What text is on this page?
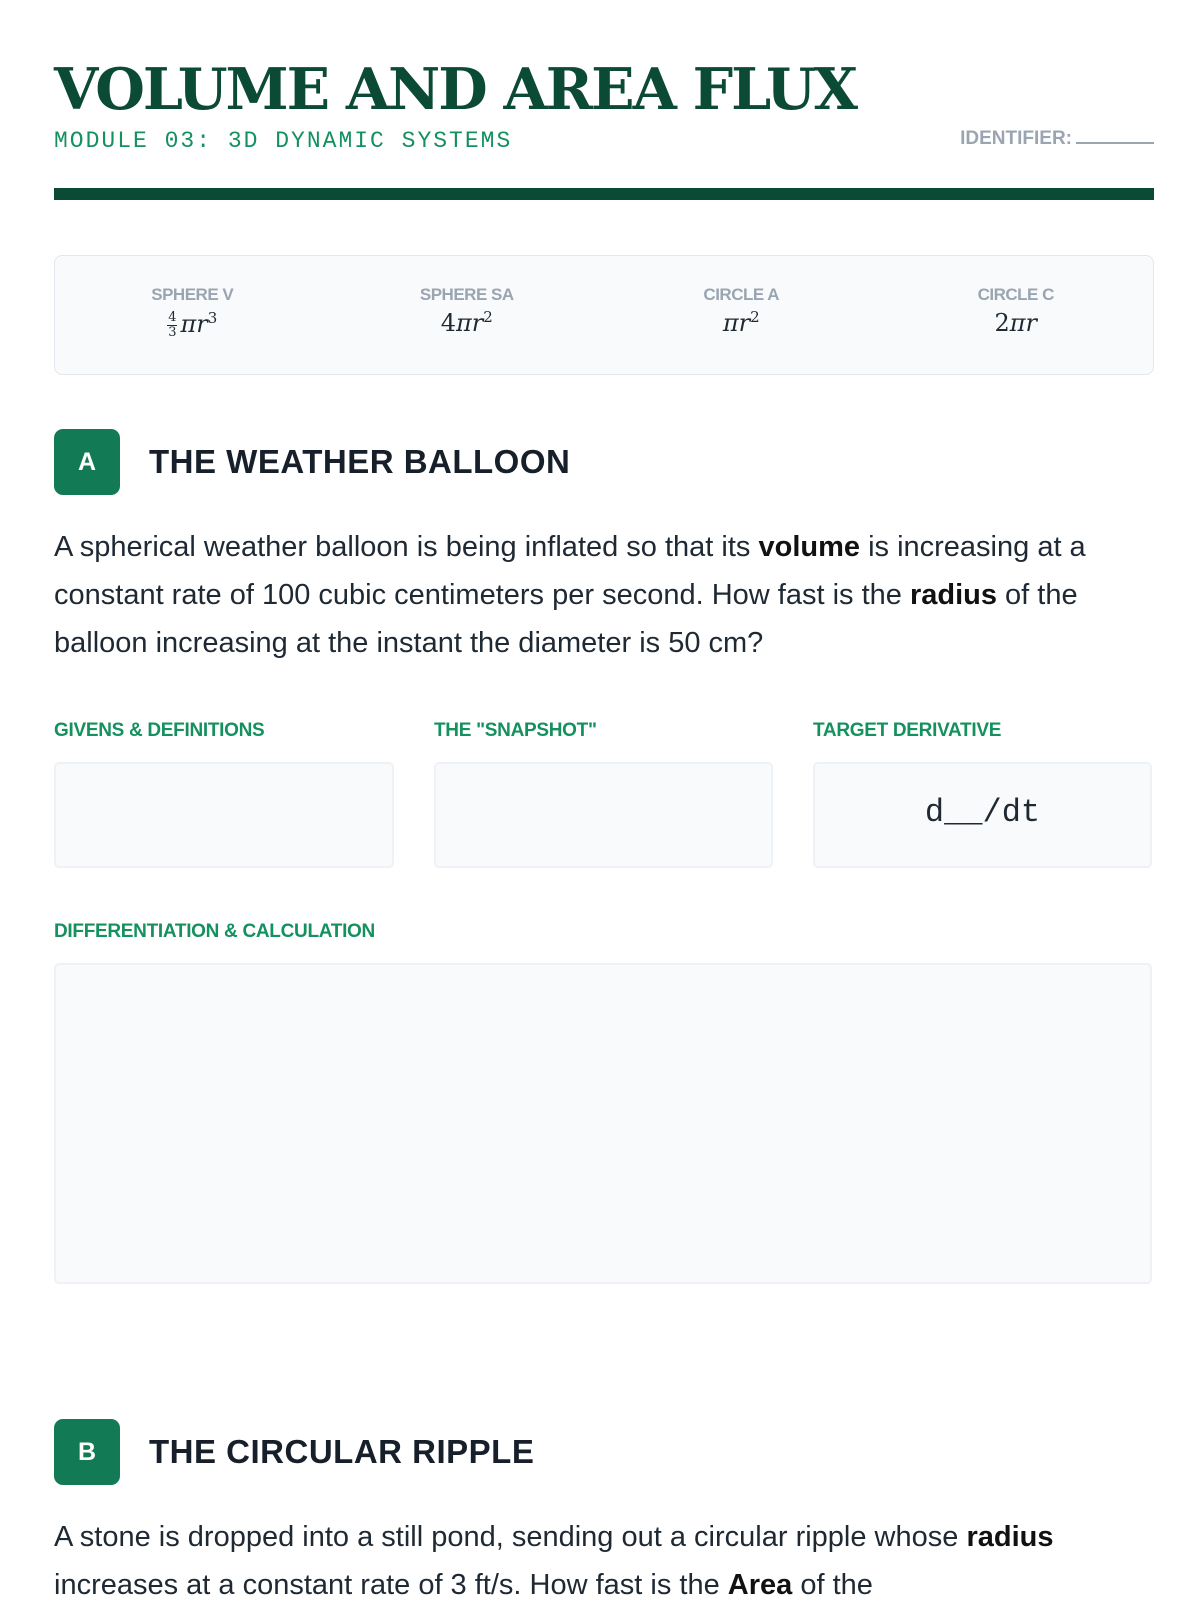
VOLUME AND AREA FLUX
MODULE 03: 3D DYNAMIC SYSTEMS	IDENTIFIER:
SPHERE V
$\frac{4}{3} \pi r^3$
SPHERE SA
$4\pi r^2$
CIRCLE A
$\pi r^2$
CIRCLE C
2πr
A	THE WEATHER BALLOON

A spherical weather balloon is being inflated so that its volume is increasing at a constant rate of 100 cubic centimeters per second. How fast is the radius of the balloon increasing at the instant the diameter is 50 cm?

GIVENS & DEFINITIONS	THE "SNAPSHOT"	TARGET DERIVATIVE
d__/dt
DIFFERENTIATION & CALCULATION
B	THE CIRCULAR RIPPLE

A stone is dropped into a still pond, sending out a circular ripple whose radius increases at a constant rate of 3 ft/s. How fast is the Area of the
